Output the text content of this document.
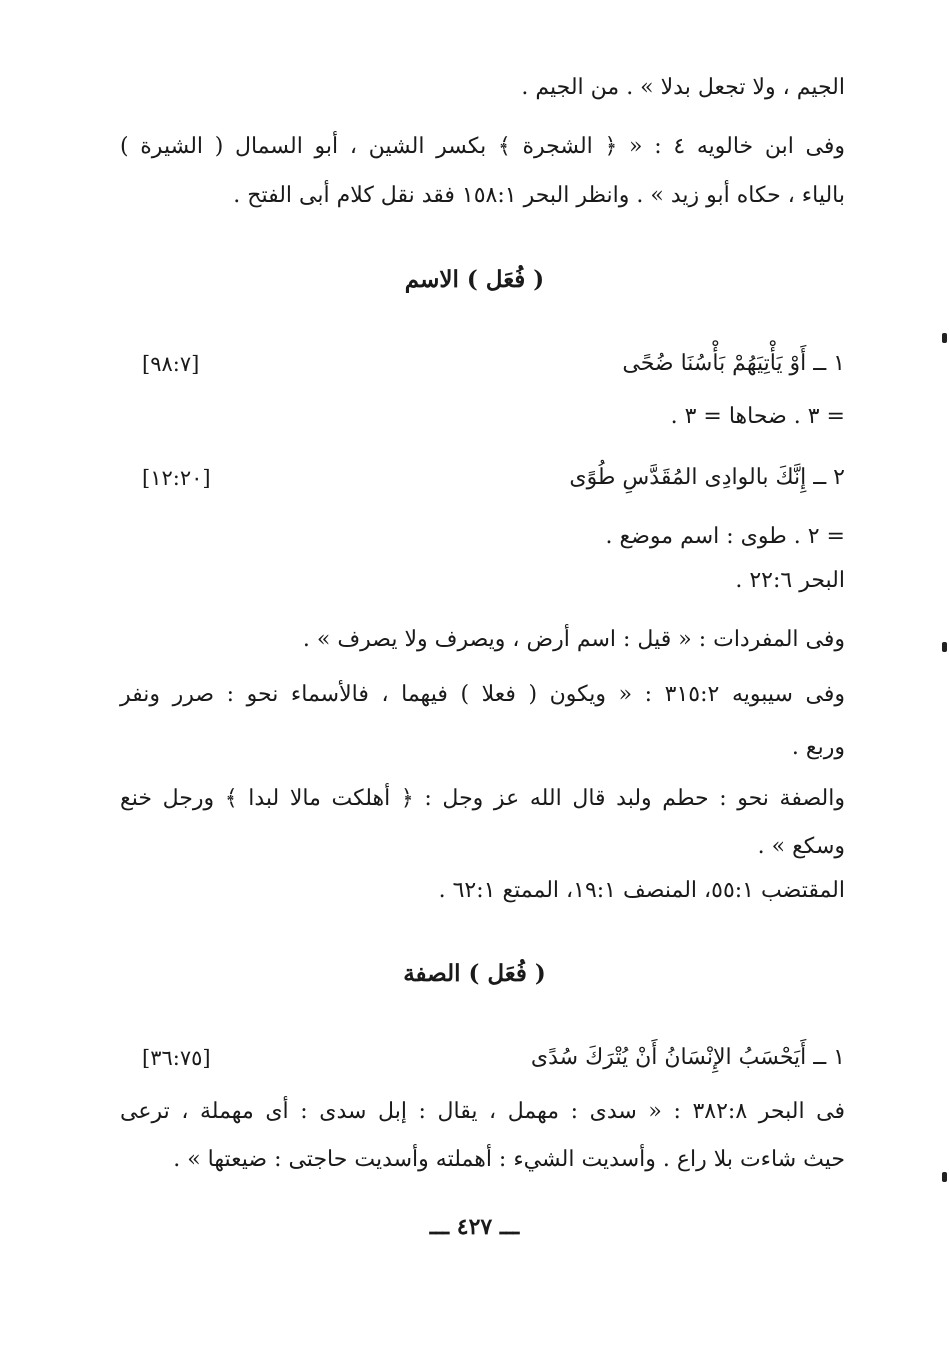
الجيم ، ولا تجعل بدلا » . من الجيم .
وفى ابن خالويه ٤ : « ﴿ الشجرة ﴾ بكسر الشين ، أبو السمال ( الشيرة )
بالياء ، حكاه أبو زيد » . وانظر البحر ١٥٨:١ فقد نقل كلام أبى الفتح .
( فُعَل ) الاسم
١ ــ أَوْ يَأْتِيَهُمْ بَأْسُنَا ضُحًى
[٩٨:٧]
= ٣ . ضحاها = ٣ .
٢ ــ إِنَّكَ بالوادِى المُقَدَّسِ طُوًى
[١٢:٢٠]
= ٢ . طوى : اسم موضع .
البحر ٢٢:٦ .
وفى المفردات : « قيل : اسم أرض ، ويصرف ولا يصرف » .
وفى سيبويه ٣١٥:٢ : « ويكون ( فعلا ) فيهما ، فالأسماء نحو : صرر ونفر
وربع .
والصفة نحو : حطم ولبد قال الله عز وجل : ﴿ أهلكت مالا لبدا ﴾ ورجل خنع
وسكع » .
المقتضب ٥٥:١، المنصف ١٩:١، الممتع ٦٢:١ .
( فُعَل ) الصفة
١ ــ أَيَحْسَبُ الإِنْسَانُ أَنْ يُتْرَكَ سُدًى
[٣٦:٧٥]
فى البحر ٣٨٢:٨ : « سدى : مهمل ، يقال : إبل سدى : أى مهملة ، ترعى
حيث شاءت بلا راع . وأسديت الشيء : أهملته وأسديت حاجتى : ضيعتها » .
ـــ ٤٢٧ ـــ
